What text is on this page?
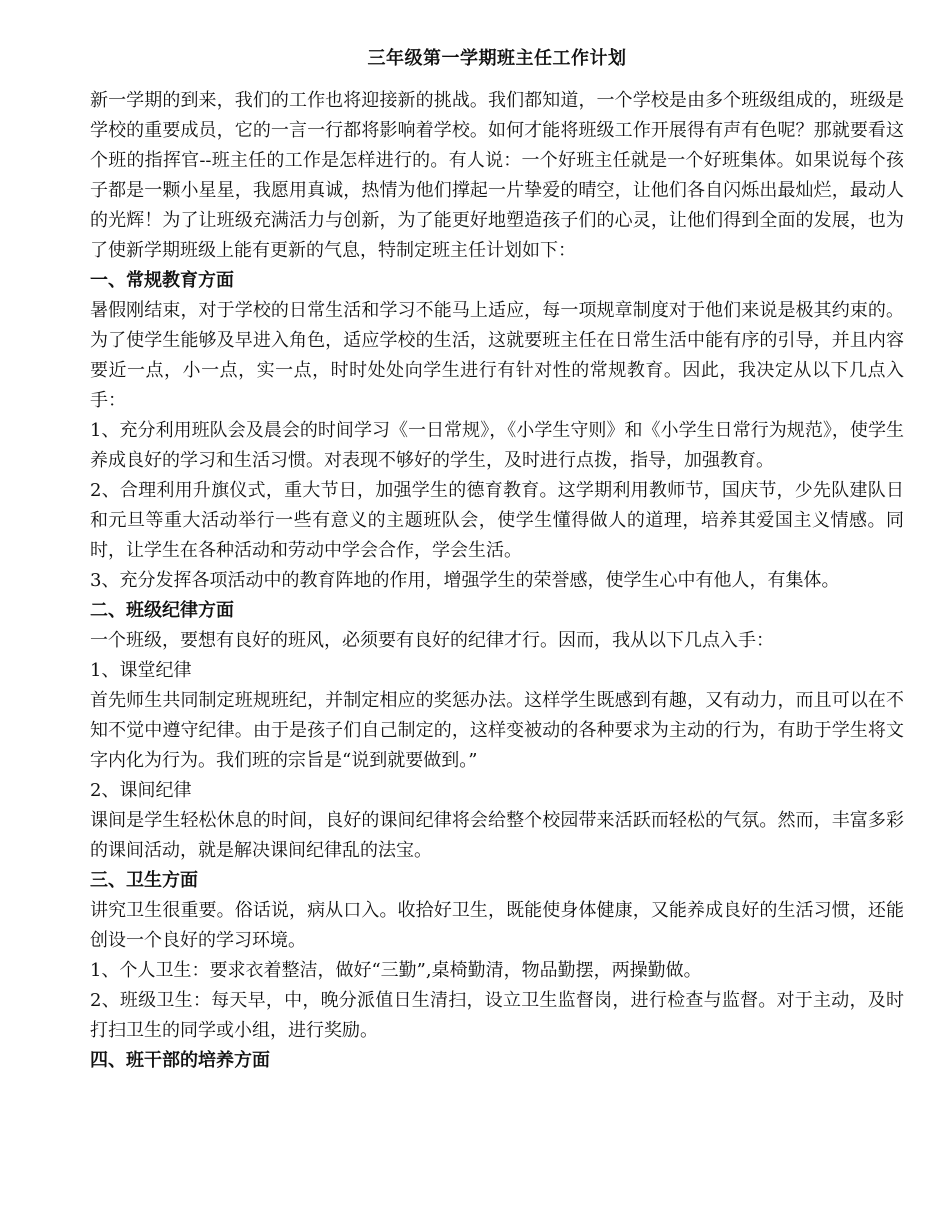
三年级第一学期班主任工作计划

新一学期的到来，我们的工作也将迎接新的挑战。我们都知道，一个学校是由多个班级组成的，班级是学校的重要成员，它的一言一行都将影响着学校。如何才能将班级工作开展得有声有色呢？那就要看这个班的指挥官--班主任的工作是怎样进行的。有人说：一个好班主任就是一个好班集体。如果说每个孩子都是一颗小星星，我愿用真诚，热情为他们撑起一片挚爱的晴空，让他们各自闪烁出最灿烂，最动人的光辉！为了让班级充满活力与创新，为了能更好地塑造孩子们的心灵，让他们得到全面的发展，也为了使新学期班级上能有更新的气息，特制定班主任计划如下：

一、常规教育方面

暑假刚结束，对于学校的日常生活和学习不能马上适应，每一项规章制度对于他们来说是极其约束的。为了使学生能够及早进入角色，适应学校的生活，这就要班主任在日常生活中能有序的引导，并且内容要近一点，小一点，实一点，时时处处向学生进行有针对性的常规教育。因此，我决定从以下几点入手：

1、充分利用班队会及晨会的时间学习《一日常规》，《小学生守则》和《小学生日常行为规范》，使学生养成良好的学习和生活习惯。对表现不够好的学生，及时进行点拨，指导，加强教育。

2、合理利用升旗仪式，重大节日，加强学生的德育教育。这学期利用教师节，国庆节，少先队建队日和元旦等重大活动举行一些有意义的主题班队会，使学生懂得做人的道理，培养其爱国主义情感。同时，让学生在各种活动和劳动中学会合作，学会生活。

3、充分发挥各项活动中的教育阵地的作用，增强学生的荣誉感，使学生心中有他人，有集体。

二、班级纪律方面

一个班级，要想有良好的班风，必须要有良好的纪律才行。因而，我从以下几点入手：

1、课堂纪律

首先师生共同制定班规班纪，并制定相应的奖惩办法。这样学生既感到有趣，又有动力，而且可以在不知不觉中遵守纪律。由于是孩子们自己制定的，这样变被动的各种要求为主动的行为，有助于学生将文字内化为行为。我们班的宗旨是“说到就要做到。”

2、课间纪律

课间是学生轻松休息的时间，良好的课间纪律将会给整个校园带来活跃而轻松的气氛。然而，丰富多彩的课间活动，就是解决课间纪律乱的法宝。

三、卫生方面

讲究卫生很重要。俗话说，病从口入。收拾好卫生，既能使身体健康，又能养成良好的生活习惯，还能创设一个良好的学习环境。

1、个人卫生：要求衣着整洁，做好“三勤”,桌椅勤清，物品勤摆，两操勤做。

2、班级卫生：每天早，中，晚分派值日生清扫，设立卫生监督岗，进行检查与监督。对于主动，及时打扫卫生的同学或小组，进行奖励。

四、班干部的培养方面
